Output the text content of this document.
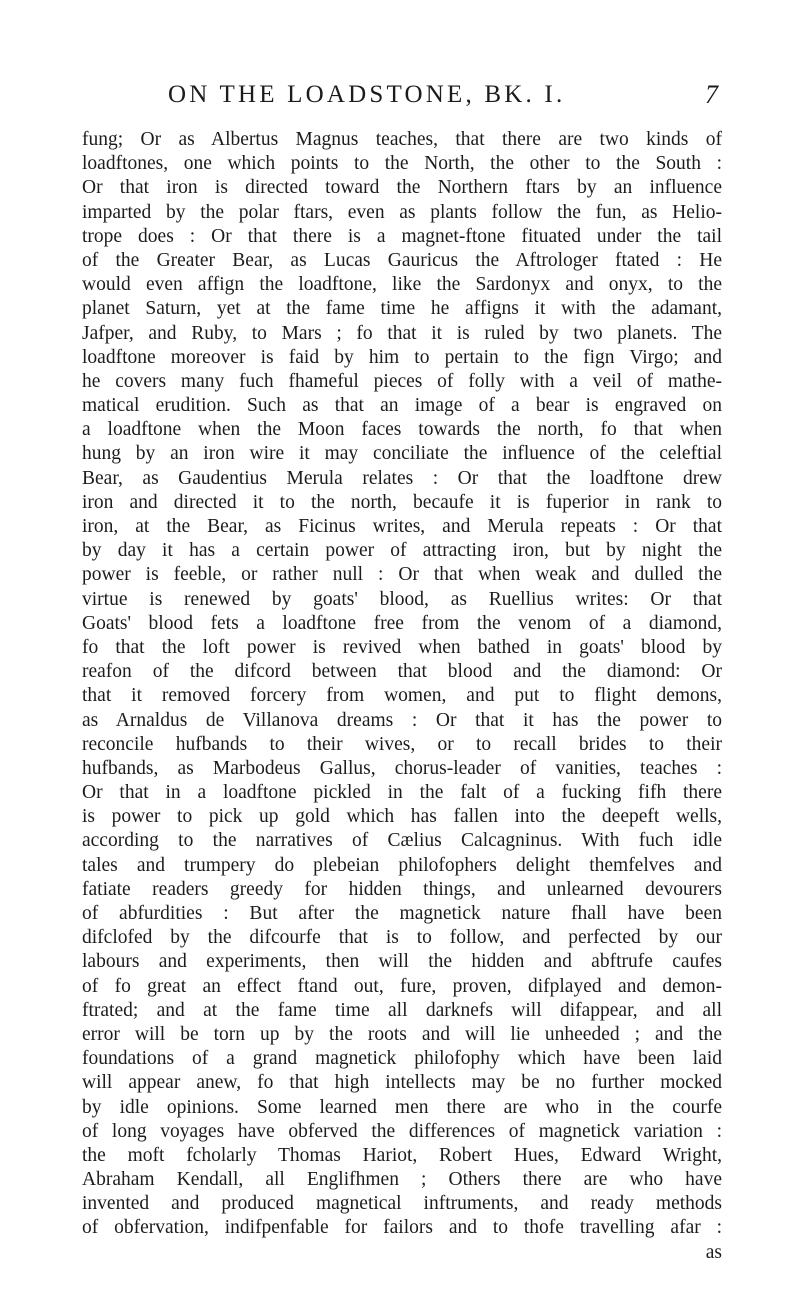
ON THE LOADSTONE, BK. I.	7
fung; Or as Albertus Magnus teaches, that there are two kinds of
loadftones, one which points to the North, the other to the South :
Or that iron is directed toward the Northern ftars by an influence
imparted by the polar ftars, even as plants follow the fun, as Helio-
trope does : Or that there is a magnet-ftone fituated under the tail
of the Greater Bear, as Lucas Gauricus the Aftrologer ftated : He
would even affign the loadftone, like the Sardonyx and onyx, to the
planet Saturn, yet at the fame time he affigns it with the adamant,
Jafper, and Ruby, to Mars ; fo that it is ruled by two planets. The
loadftone moreover is faid by him to pertain to the fign Virgo; and
he covers many fuch fhameful pieces of folly with a veil of mathe-
matical erudition. Such as that an image of a bear is engraved on
a loadftone when the Moon faces towards the north, fo that when
hung by an iron wire it may conciliate the influence of the celeftial
Bear, as Gaudentius Merula relates : Or that the loadftone drew
iron and directed it to the north, becaufe it is fuperior in rank to
iron, at the Bear, as Ficinus writes, and Merula repeats : Or that
by day it has a certain power of attracting iron, but by night the
power is feeble, or rather null : Or that when weak and dulled the
virtue is renewed by goats' blood, as Ruellius writes: Or that
Goats' blood fets a loadftone free from the venom of a diamond,
fo that the loft power is revived when bathed in goats' blood by
reafon of the difcord between that blood and the diamond: Or
that it removed forcery from women, and put to flight demons,
as Arnaldus de Villanova dreams : Or that it has the power to
reconcile hufbands to their wives, or to recall brides to their
hufbands, as Marbodeus Gallus, chorus-leader of vanities, teaches :
Or that in a loadftone pickled in the falt of a fucking fifh there
is power to pick up gold which has fallen into the deepeft wells,
according to the narratives of Cælius Calcagninus. With fuch idle
tales and trumpery do plebeian philofophers delight themfelves and
fatiate readers greedy for hidden things, and unlearned devourers
of abfurdities : But after the magnetick nature fhall have been
difclofed by the difcourfe that is to follow, and perfected by our
labours and experiments, then will the hidden and abftrufe caufes
of fo great an effect ftand out, fure, proven, difplayed and demon-
ftrated; and at the fame time all darknefs will difappear, and all
error will be torn up by the roots and will lie unheeded ; and the
foundations of a grand magnetick philofophy which have been laid
will appear anew, fo that high intellects may be no further mocked
by idle opinions. Some learned men there are who in the courfe
of long voyages have obferved the differences of magnetick variation :
the moft fcholarly Thomas Hariot, Robert Hues, Edward Wright,
Abraham Kendall, all Englifhmen ; Others there are who have
invented and produced magnetical inftruments, and ready methods
of obfervation, indifpenfable for failors and to thofe travelling afar :
as
